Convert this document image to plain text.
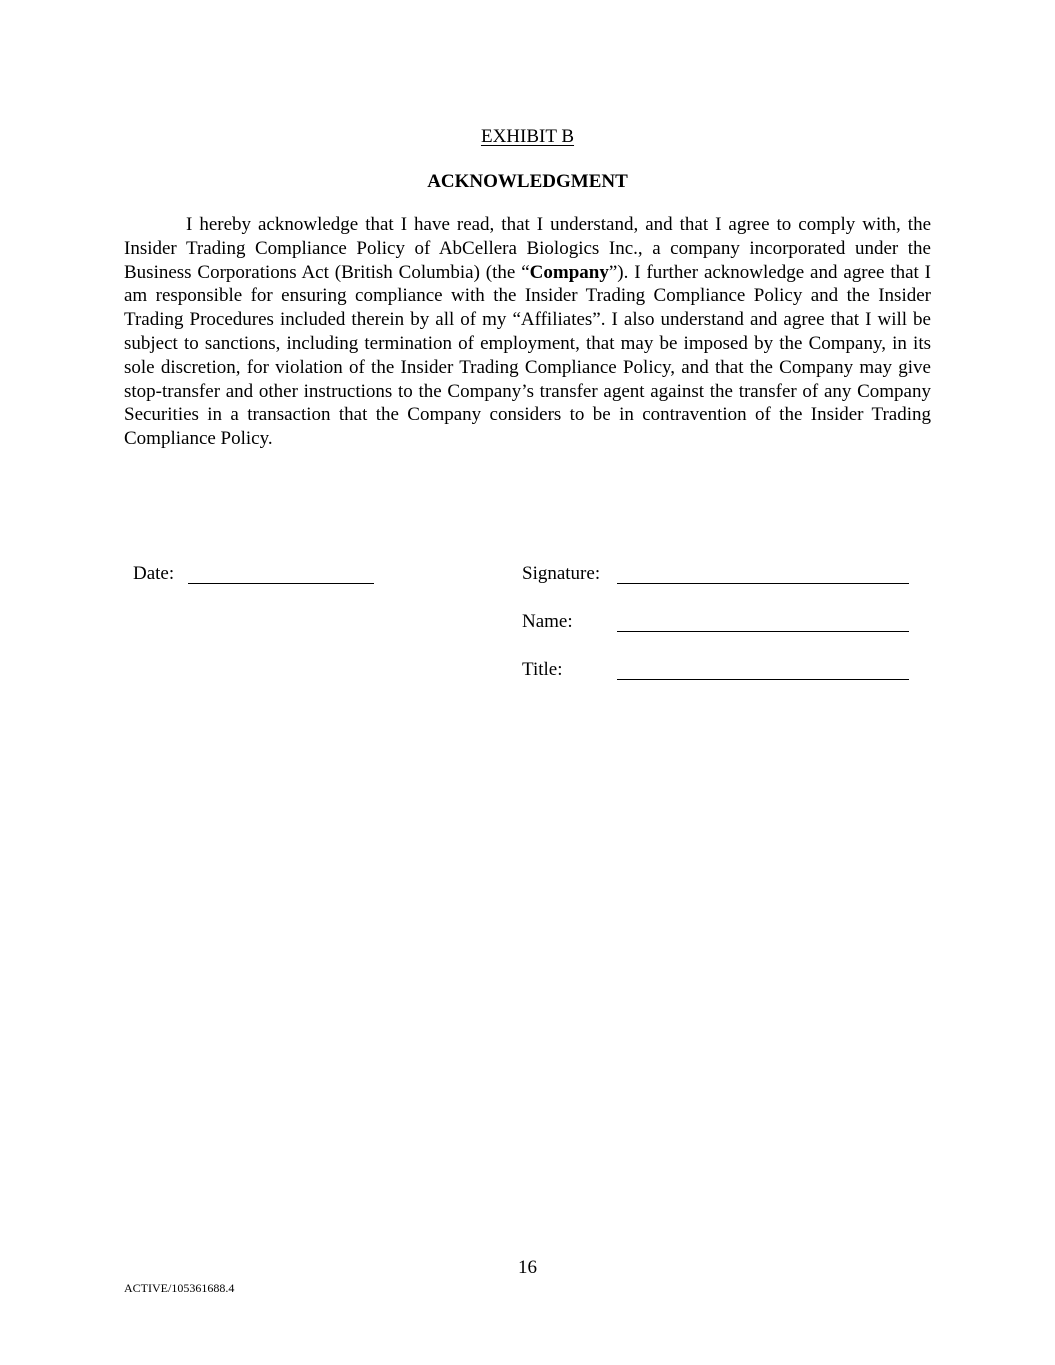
EXHIBIT B
ACKNOWLEDGMENT

I hereby acknowledge that I have read, that I understand, and that I agree to comply with, the Insider Trading Compliance Policy of AbCellera Biologics Inc., a company incorporated under the Business Corporations Act (British Columbia) (the “Company”). I further acknowledge and agree that I am responsible for ensuring compliance with the Insider Trading Compliance Policy and the Insider Trading Procedures included therein by all of my “Affiliates”. I also understand and agree that I will be subject to sanctions, including termination of employment, that may be imposed by the Company, in its sole discretion, for violation of the Insider Trading Compliance Policy, and that the Company may give stop-transfer and other instructions to the Company’s transfer agent against the transfer of any Company Securities in a transaction that the Company considers to be in contravention of the Insider Trading Compliance Policy.

Date:	Signature:
Name:
Title:
16
ACTIVE/105361688.4
